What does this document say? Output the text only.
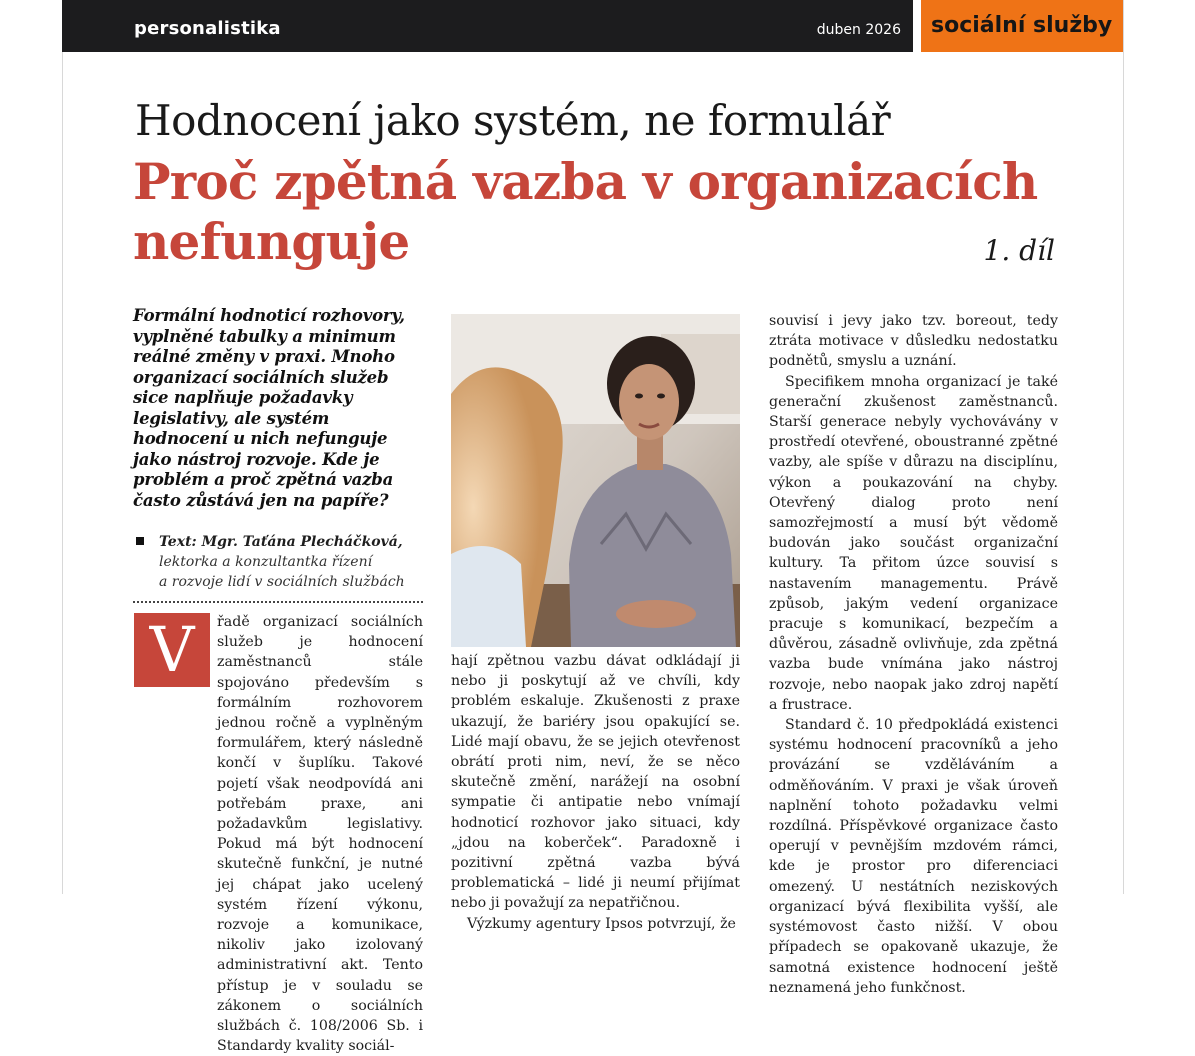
personalistika	duben 2026 sociální služby
Hodnocení jako systém, ne formulář
Proč zpětná vazba v organizacích nefunguje	1. díl
Formální hodnoticí rozhovory, vyplněné tabulky a minimum reálné změny v praxi. Mnoho organizací sociálních služeb sice naplňuje požadavky legislativy, ale systém hodnocení u nich nefunguje jako nástroj rozvoje. Kde je problém a proč zpětná vazba často zůstává jen na papíře?
Text: Mgr. Taťána Plecháčková,
lektorka a konzultantka řízení
a rozvoje lidí v sociálních službách
V	řadě organizací sociálních služeb je hodnocení zaměstnanců stále spojováno především s formálním rozhovorem jednou ročně a vyplněným formulářem, který následně končí v šuplíku. Takové pojetí však neodpovídá ani potřebám praxe, ani požadavkům legislativy. Pokud má být hodnocení skutečně funkční, je nutné jej chápat jako ucelený systém řízení výkonu, rozvoje a komunikace, nikoliv jako izolovaný administrativní akt. Tento přístup je v souladu se zákonem o sociálních službách č. 108/2006 Sb. i Standardy kvality sociál-

hají zpětnou vazbu dávat odkládají ji nebo ji poskytují až ve chvíli, kdy problém eskaluje. Zkušenosti z praxe ukazují, že bariéry jsou opakující se. Lidé mají obavu, že se jejich otevřenost obrátí proti nim, neví, že se něco skutečně změní, narážejí na osobní sympatie či antipatie nebo vnímají hodnoticí rozhovor jako situaci, kdy „jdou na koberček“. Paradoxně i pozitivní zpětná vazba bývá problematická – lidé ji neumí přijímat nebo ji považují za nepatřičnou.

Výzkumy agentury Ipsos potvrzují, že

souvisí i jevy jako tzv. boreout, tedy ztráta motivace v důsledku nedostatku podnětů, smyslu a uznání.

Specifikem mnoha organizací je také generační zkušenost zaměstnanců. Starší generace nebyly vychovávány v prostředí otevřené, oboustranné zpětné vazby, ale spíše v důrazu na disciplínu, výkon a poukazování na chyby. Otevřený dialog proto není samozřejmostí a musí být vědomě budován jako součást organizační kultury. Ta přitom úzce souvisí s nastavením managementu. Právě způsob, jakým vedení organizace pracuje s komunikací, bezpečím a důvěrou, zásadně ovlivňuje, zda zpětná vazba bude vnímána jako nástroj rozvoje, nebo naopak jako zdroj napětí a frustrace.

Standard č. 10 předpokládá existenci systému hodnocení pracovníků a jeho provázání se vzděláváním a odměňováním. V praxi je však úroveň naplnění tohoto požadavku velmi rozdílná. Příspěvkové organizace často operují v pevnějším mzdovém rámci, kde je prostor pro diferenciaci omezený. U nestátních neziskových organizací bývá flexibilita vyšší, ale systémovost často nižší. V obou případech se opakovaně ukazuje, že samotná existence hodnocení ještě neznamená jeho funkčnost.
